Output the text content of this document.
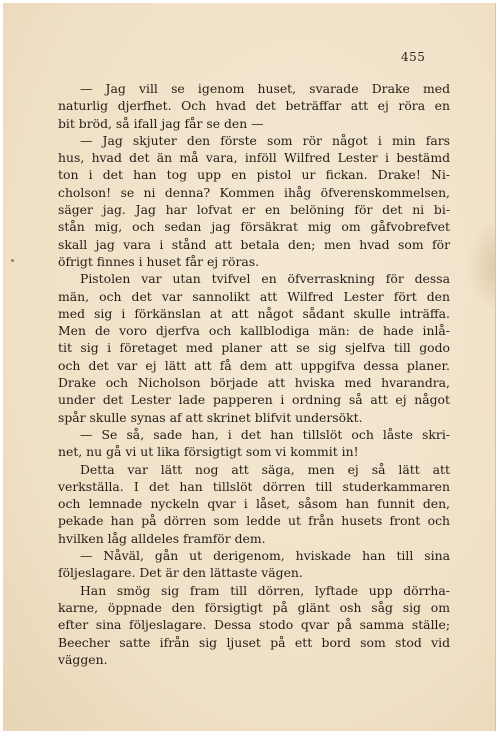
455
— Jag vill se igenom huset, svarade Drake med
naturlig djerfhet. Och hvad det beträffar att ej röra en
bit bröd, så ifall jag får se den —
— Jag skjuter den förste som rör något i min fars
hus, hvad det än må vara, inföll Wilfred Lester i bestämd
ton i det han tog upp en pistol ur fickan. Drake! Ni-
cholson! se ni denna? Kommen ihåg öfverenskommelsen,
säger jag. Jag har lofvat er en belöning för det ni bi-
stån mig, och sedan jag försäkrat mig om gåfvobrefvet
skall jag vara i stånd att betala den; men hvad som för
öfrigt finnes i huset får ej röras.
Pistolen var utan tvifvel en öfverraskning för dessa
män, och det var sannolikt att Wilfred Lester fört den
med sig i förkänslan at att något sådant skulle inträffa.
Men de voro djerfva och kallblodiga män: de hade inlå-
tit sig i företaget med planer att se sig sjelfva till godo
och det var ej lätt att få dem att uppgifva dessa planer.
Drake och Nicholson började att hviska med hvarandra,
under det Lester lade papperen i ordning så att ej något
spår skulle synas af att skrinet blifvit undersökt.
— Se så, sade han, i det han tillslöt och låste skri-
net, nu gå vi ut lika försigtigt som vi kommit in!
Detta var lätt nog att säga, men ej så lätt att
verkställa. I det han tillslöt dörren till studerkammaren
och lemnade nyckeln qvar i låset, såsom han funnit den,
pekade han på dörren som ledde ut från husets front och
hvilken låg alldeles framför dem.
— Nåväl, gån ut derigenom, hviskade han till sina
följeslagare. Det är den lättaste vägen.
Han smög sig fram till dörren, lyftade upp dörrha-
karne, öppnade den försigtigt på glänt osh såg sig om
efter sina följeslagare. Dessa stodo qvar på samma ställe;
Beecher satte ifrån sig ljuset på ett bord som stod vid
väggen.
